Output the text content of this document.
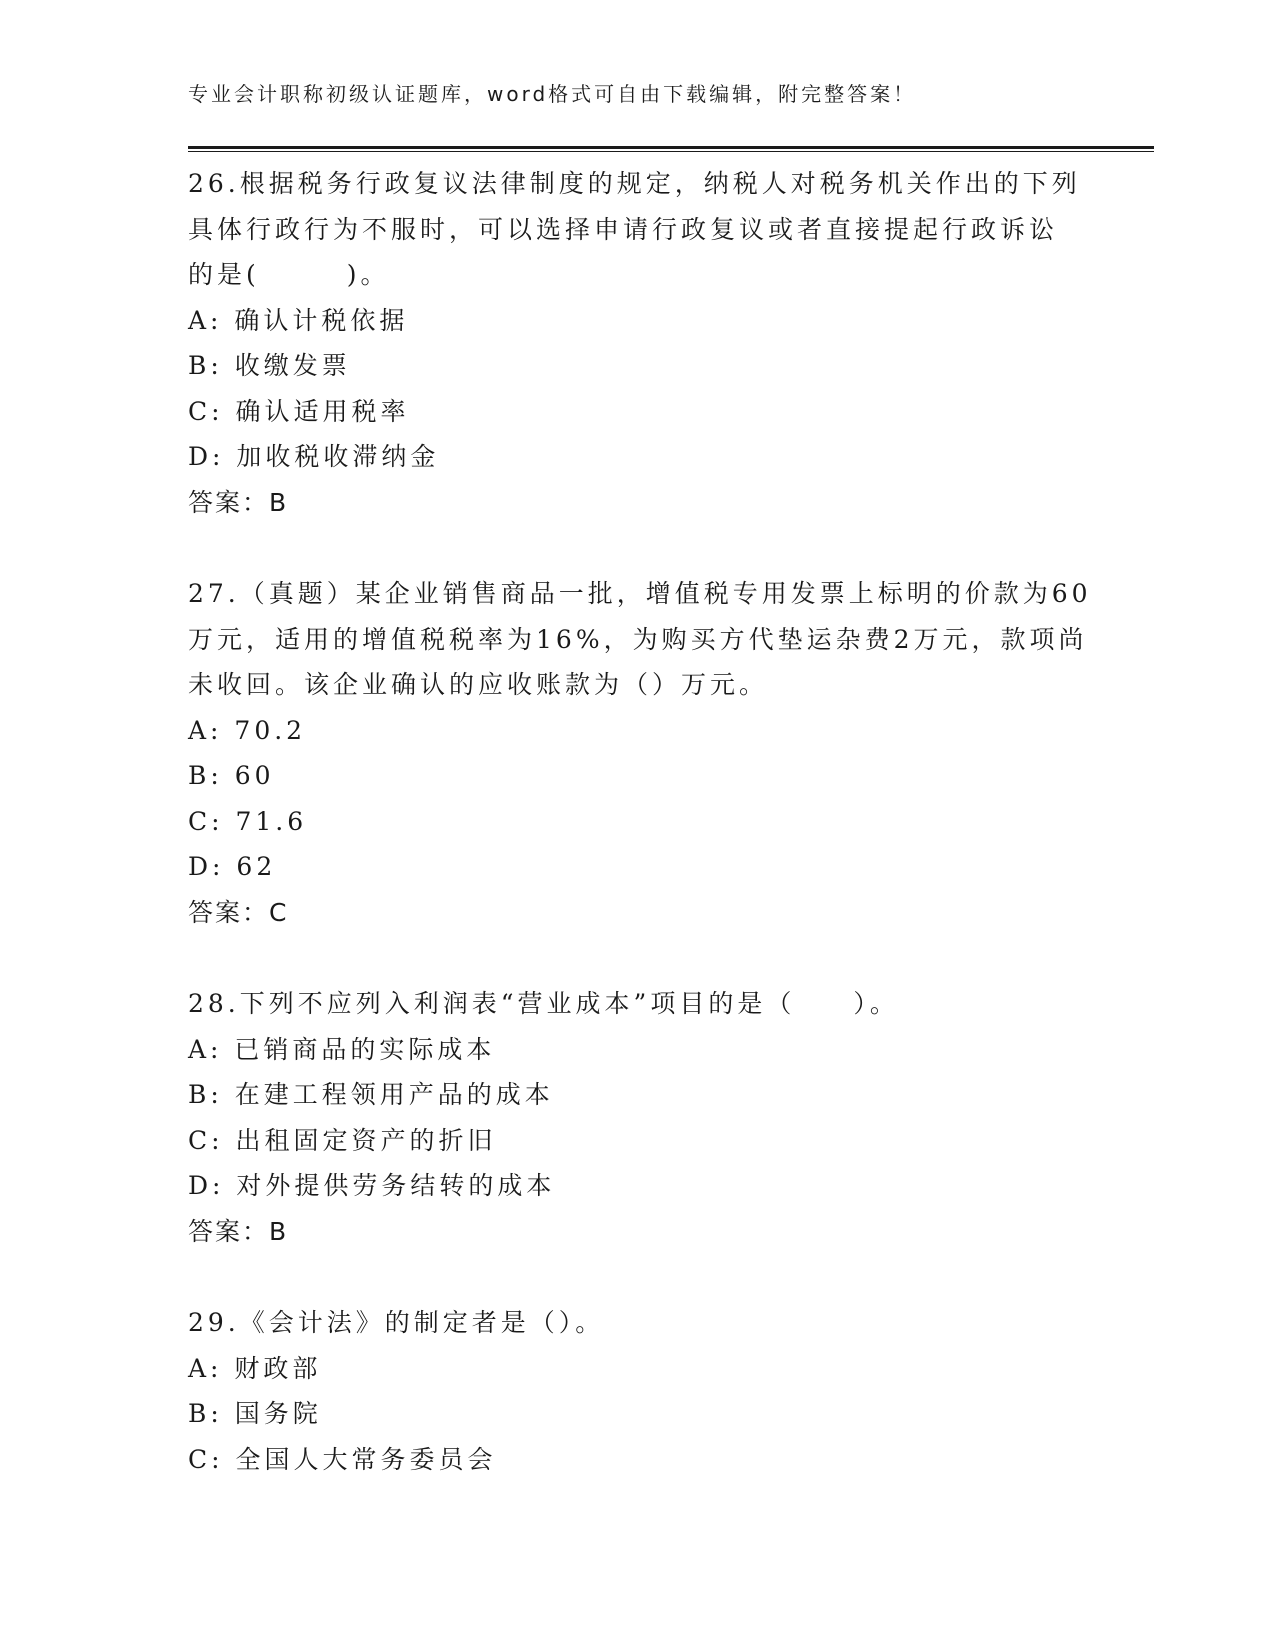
专业会计职称初级认证题库，word格式可自由下载编辑，附完整答案！
26.根据税务行政复议法律制度的规定，纳税人对税务机关作出的下列
具体行政行为不服时，可以选择申请行政复议或者直接提起行政诉讼
的是(　　　)。
A: 确认计税依据
B: 收缴发票
C: 确认适用税率
D: 加收税收滞纳金
答案：B
27.（真题）某企业销售商品一批，增值税专用发票上标明的价款为60
万元，适用的增值税税率为16%，为购买方代垫运杂费2万元，款项尚
未收回。该企业确认的应收账款为（）万元。
A: 70.2
B: 60
C: 71.6
D: 62
答案：C
28.下列不应列入利润表“营业成本”项目的是（　　）。
A: 已销商品的实际成本
B: 在建工程领用产品的成本
C: 出租固定资产的折旧
D: 对外提供劳务结转的成本
答案：B
29.《会计法》的制定者是（）。
A: 财政部
B: 国务院
C: 全国人大常务委员会
